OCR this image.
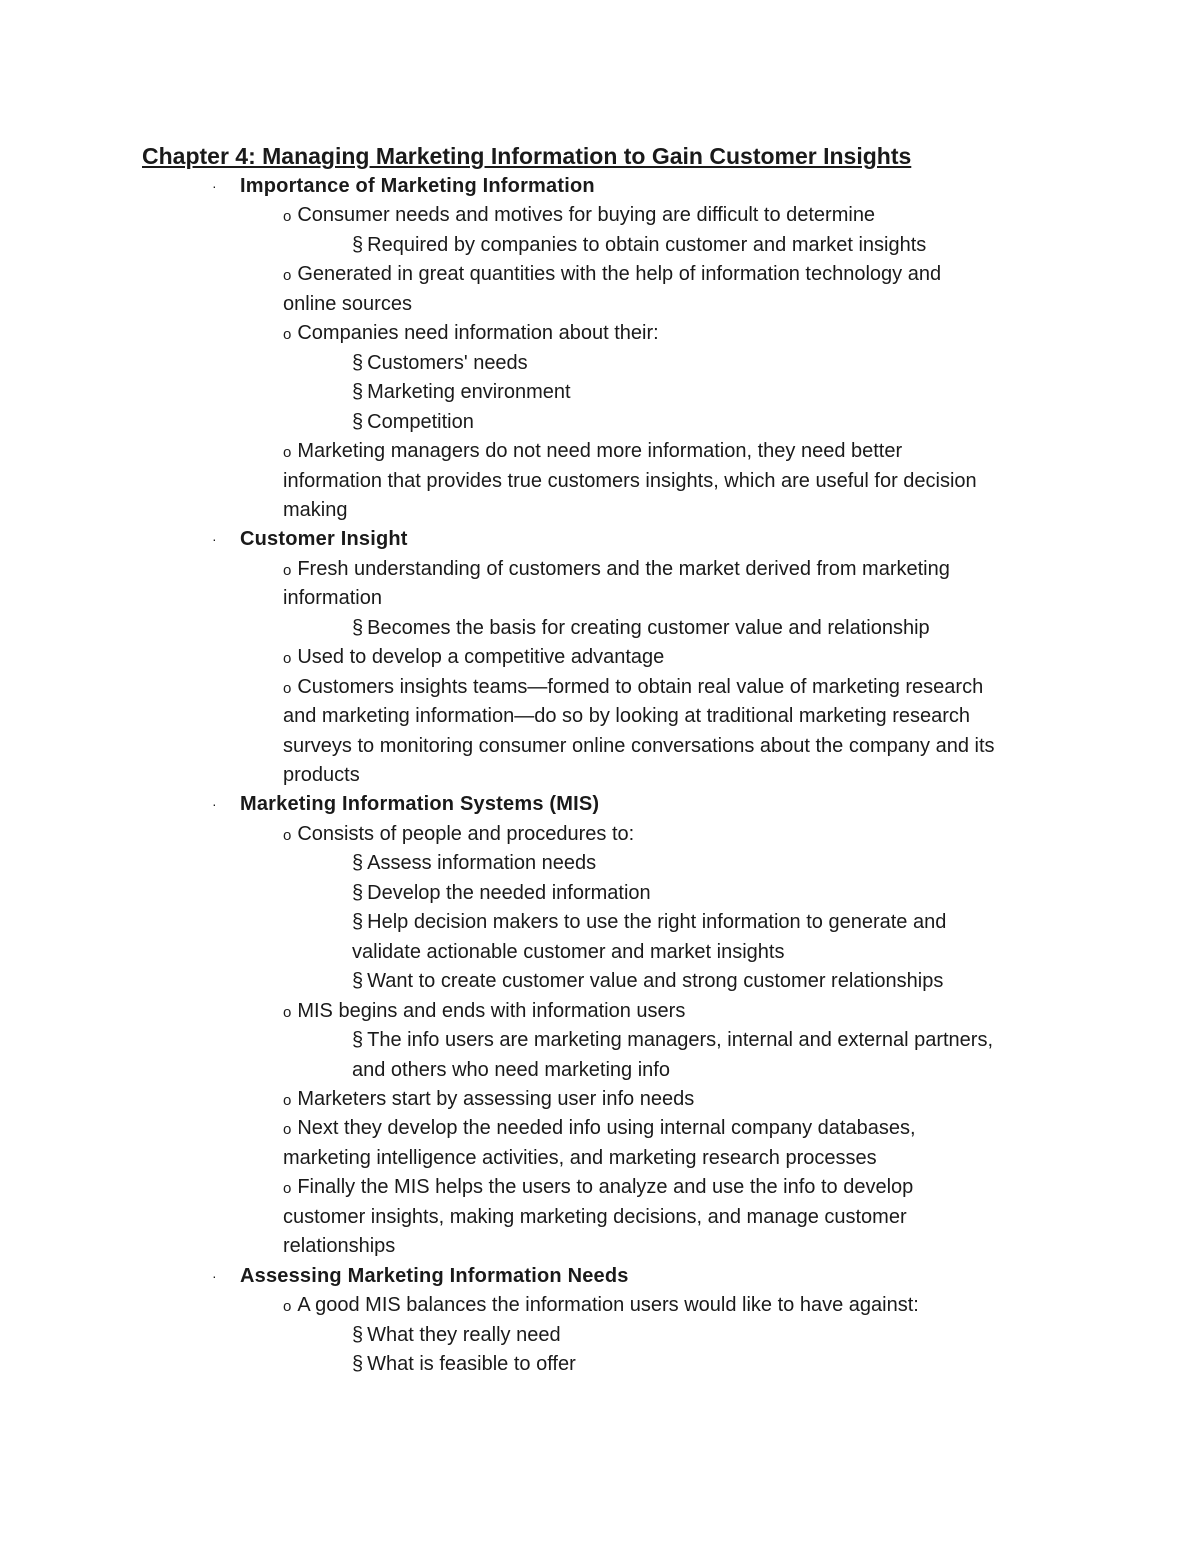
Chapter 4: Managing Marketing Information to Gain Customer Insights
· Importance of Marketing Information
o Consumer needs and motives for buying are difficult to determine
§ Required by companies to obtain customer and market insights
o Generated in great quantities with the help of information technology and
online sources
o Companies need information about their:
§ Customers' needs
§ Marketing environment
§ Competition
o Marketing managers do not need more information, they need better
information that provides true customers insights, which are useful for decision
making
· Customer Insight
o Fresh understanding of customers and the market derived from marketing
information
§ Becomes the basis for creating customer value and relationship
o Used to develop a competitive advantage
o Customers insights teams—formed to obtain real value of marketing research
and marketing information—do so by looking at traditional marketing research
surveys to monitoring consumer online conversations about the company and its
products
· Marketing Information Systems (MIS)
o Consists of people and procedures to:
§ Assess information needs
§ Develop the needed information
§ Help decision makers to use the right information to generate and
validate actionable customer and market insights
§ Want to create customer value and strong customer relationships
o MIS begins and ends with information users
§ The info users are marketing managers, internal and external partners,
and others who need marketing info
o Marketers start by assessing user info needs
o Next they develop the needed info using internal company databases,
marketing intelligence activities, and marketing research processes
o Finally the MIS helps the users to analyze and use the info to develop
customer insights, making marketing decisions, and manage customer
relationships
· Assessing Marketing Information Needs
o A good MIS balances the information users would like to have against:
§ What they really need
§ What is feasible to offer
